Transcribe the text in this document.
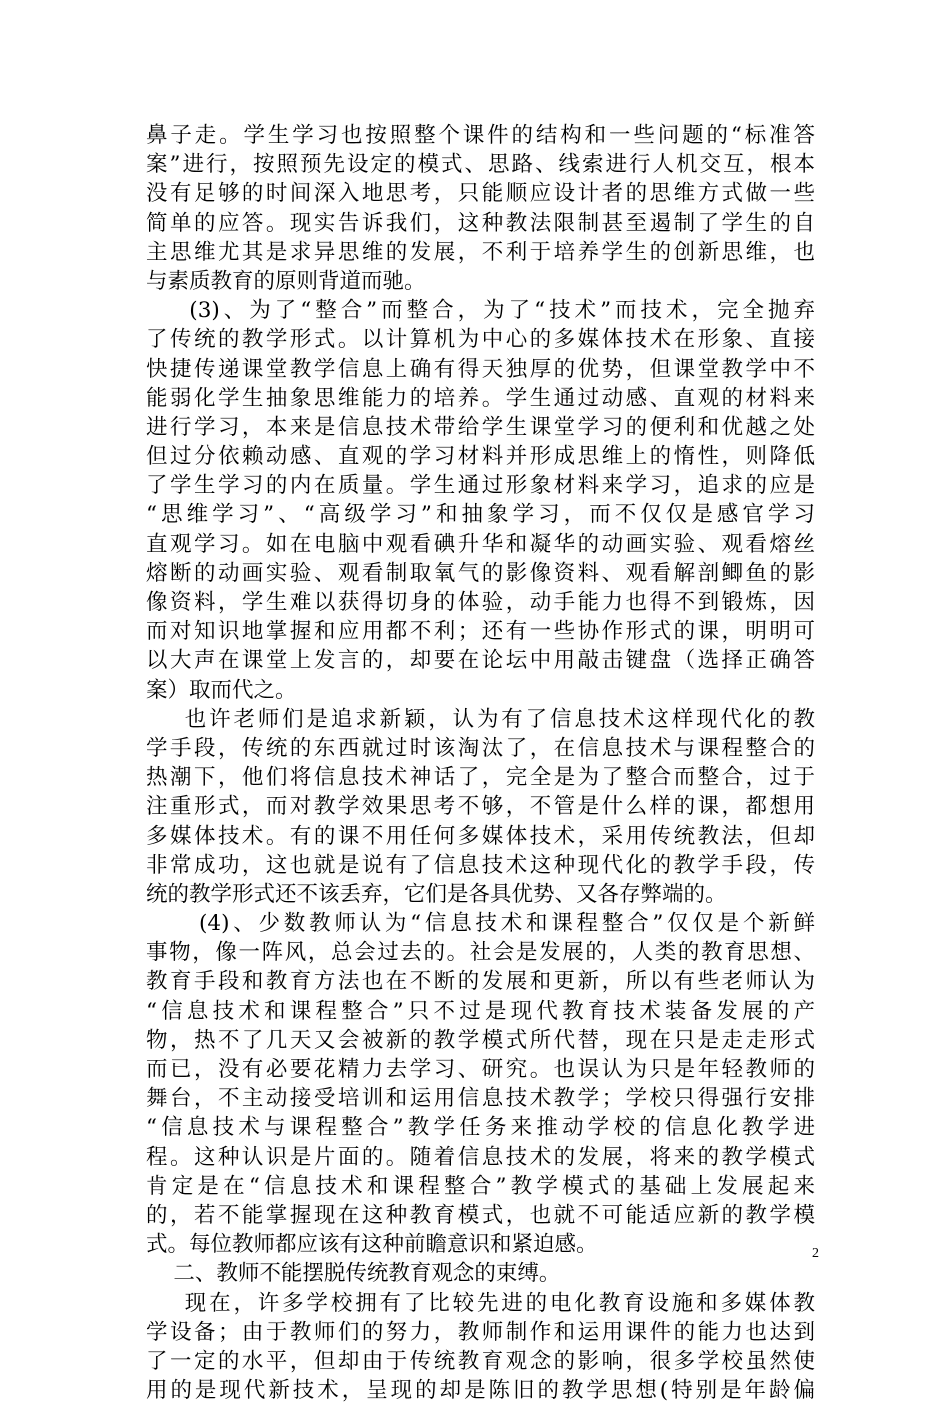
鼻子走。学生学习也按照整个课件的结构和一些问题的“标准答
案”进行，按照预先设定的模式、思路、线索进行人机交互，根本
没有足够的时间深入地思考，只能顺应设计者的思维方式做一些
简单的应答。现实告诉我们，这种教法限制甚至遏制了学生的自
主思维尤其是求异思维的发展，不利于培养学生的创新思维，也
与素质教育的原则背道而驰。
(3)、为了“整合”而整合，为了“技术”而技术，完全抛弃
了传统的教学形式。以计算机为中心的多媒体技术在形象、直接
快捷传递课堂教学信息上确有得天独厚的优势，但课堂教学中不
能弱化学生抽象思维能力的培养。学生通过动感、直观的材料来
进行学习，本来是信息技术带给学生课堂学习的便利和优越之处
但过分依赖动感、直观的学习材料并形成思维上的惰性，则降低
了学生学习的内在质量。学生通过形象材料来学习，追求的应是
“思维学习”、“高级学习”和抽象学习，而不仅仅是感官学习
直观学习。如在电脑中观看碘升华和凝华的动画实验、观看熔丝
熔断的动画实验、观看制取氧气的影像资料、观看解剖鲫鱼的影
像资料，学生难以获得切身的体验，动手能力也得不到锻炼，因
而对知识地掌握和应用都不利；还有一些协作形式的课，明明可
以大声在课堂上发言的，却要在论坛中用敲击键盘（选择正确答
案）取而代之。
也许老师们是追求新颖，认为有了信息技术这样现代化的教
学手段，传统的东西就过时该淘汰了，在信息技术与课程整合的
热潮下，他们将信息技术神话了，完全是为了整合而整合，过于
注重形式，而对教学效果思考不够，不管是什么样的课，都想用
多媒体技术。有的课不用任何多媒体技术，采用传统教法，但却
非常成功，这也就是说有了信息技术这种现代化的教学手段，传
统的教学形式还不该丢弃，它们是各具优势、又各存弊端的。
(4)、少数教师认为“信息技术和课程整合”仅仅是个新鲜
事物，像一阵风，总会过去的。社会是发展的，人类的教育思想、
教育手段和教育方法也在不断的发展和更新，所以有些老师认为
“信息技术和课程整合”只不过是现代教育技术装备发展的产
物，热不了几天又会被新的教学模式所代替，现在只是走走形式
而已，没有必要花精力去学习、研究。也误认为只是年轻教师的
舞台，不主动接受培训和运用信息技术教学；学校只得强行安排
“信息技术与课程整合”教学任务来推动学校的信息化教学进
程。这种认识是片面的。随着信息技术的发展，将来的教学模式
肯定是在“信息技术和课程整合”教学模式的基础上发展起来
的，若不能掌握现在这种教育模式，也就不可能适应新的教学模
式。每位教师都应该有这种前瞻意识和紧迫感。
二、教师不能摆脱传统教育观念的束缚。
现在，许多学校拥有了比较先进的电化教育设施和多媒体教
学设备；由于教师们的努力，教师制作和运用课件的能力也达到
了一定的水平，但却由于传统教育观念的影响，很多学校虽然使
用的是现代新技术，呈现的却是陈旧的教学思想(特别是年龄偏
2
